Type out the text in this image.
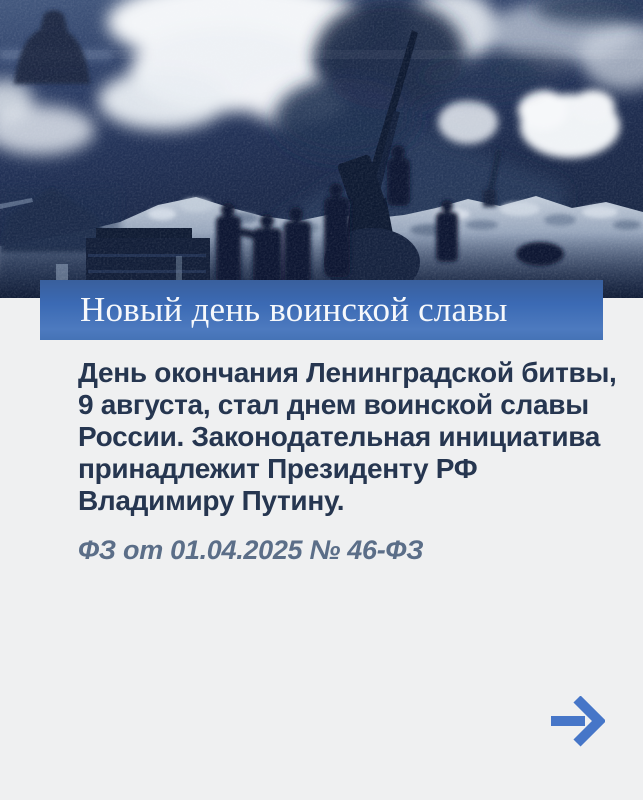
Новый день воинской славы
День окончания Ленинградской битвы,
9 августа, стал днем воинской славы
России. Законодательная инициатива
принадлежит Президенту РФ
Владимиру Путину.
ФЗ от 01.04.2025 № 46-ФЗ
